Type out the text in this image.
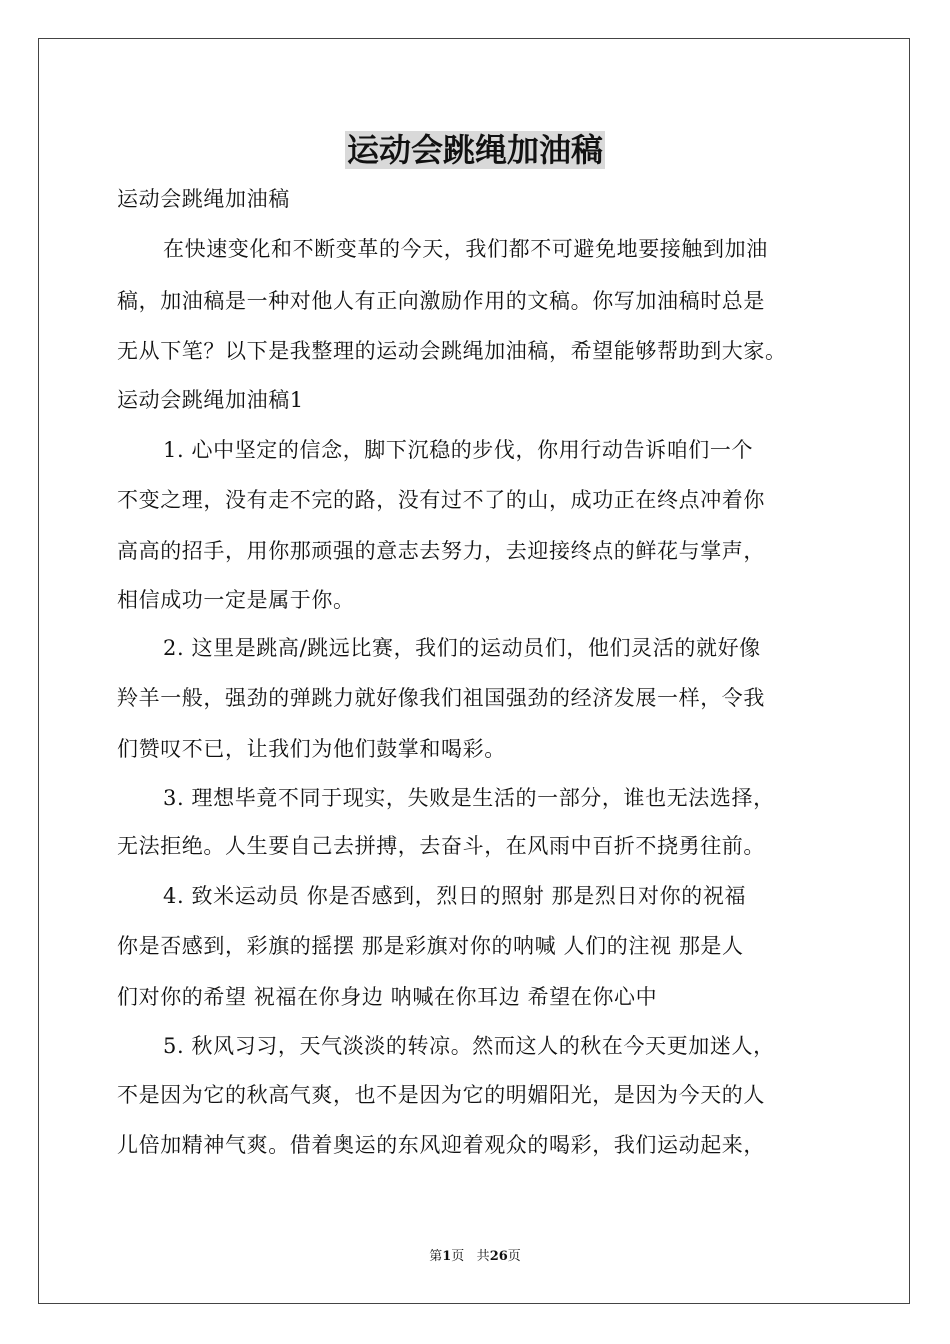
运动会跳绳加油稿
运动会跳绳加油稿
在快速变化和不断变革的今天，我们都不可避免地要接触到加油
稿，加油稿是一种对他人有正向激励作用的文稿。你写加油稿时总是
无从下笔？以下是我整理的运动会跳绳加油稿，希望能够帮助到大家。
运动会跳绳加油稿1
1. 心中坚定的信念，脚下沉稳的步伐，你用行动告诉咱们一个
不变之理，没有走不完的路，没有过不了的山，成功正在终点冲着你
高高的招手，用你那顽强的意志去努力，去迎接终点的鲜花与掌声，
相信成功一定是属于你。
2. 这里是跳高/跳远比赛，我们的运动员们，他们灵活的就好像
羚羊一般，强劲的弹跳力就好像我们祖国强劲的经济发展一样，令我
们赞叹不已，让我们为他们鼓掌和喝彩。
3. 理想毕竟不同于现实，失败是生活的一部分，谁也无法选择，
无法拒绝。人生要自己去拼搏，去奋斗，在风雨中百折不挠勇往前。
4. 致米运动员 你是否感到，烈日的照射 那是烈日对你的祝福
你是否感到，彩旗的摇摆 那是彩旗对你的呐喊 人们的注视 那是人
们对你的希望 祝福在你身边 呐喊在你耳边 希望在你心中
5. 秋风习习，天气淡淡的转凉。然而这人的秋在今天更加迷人，
不是因为它的秋高气爽，也不是因为它的明媚阳光，是因为今天的人
儿倍加精神气爽。借着奥运的东风迎着观众的喝彩，我们运动起来，
第1页 共26页
